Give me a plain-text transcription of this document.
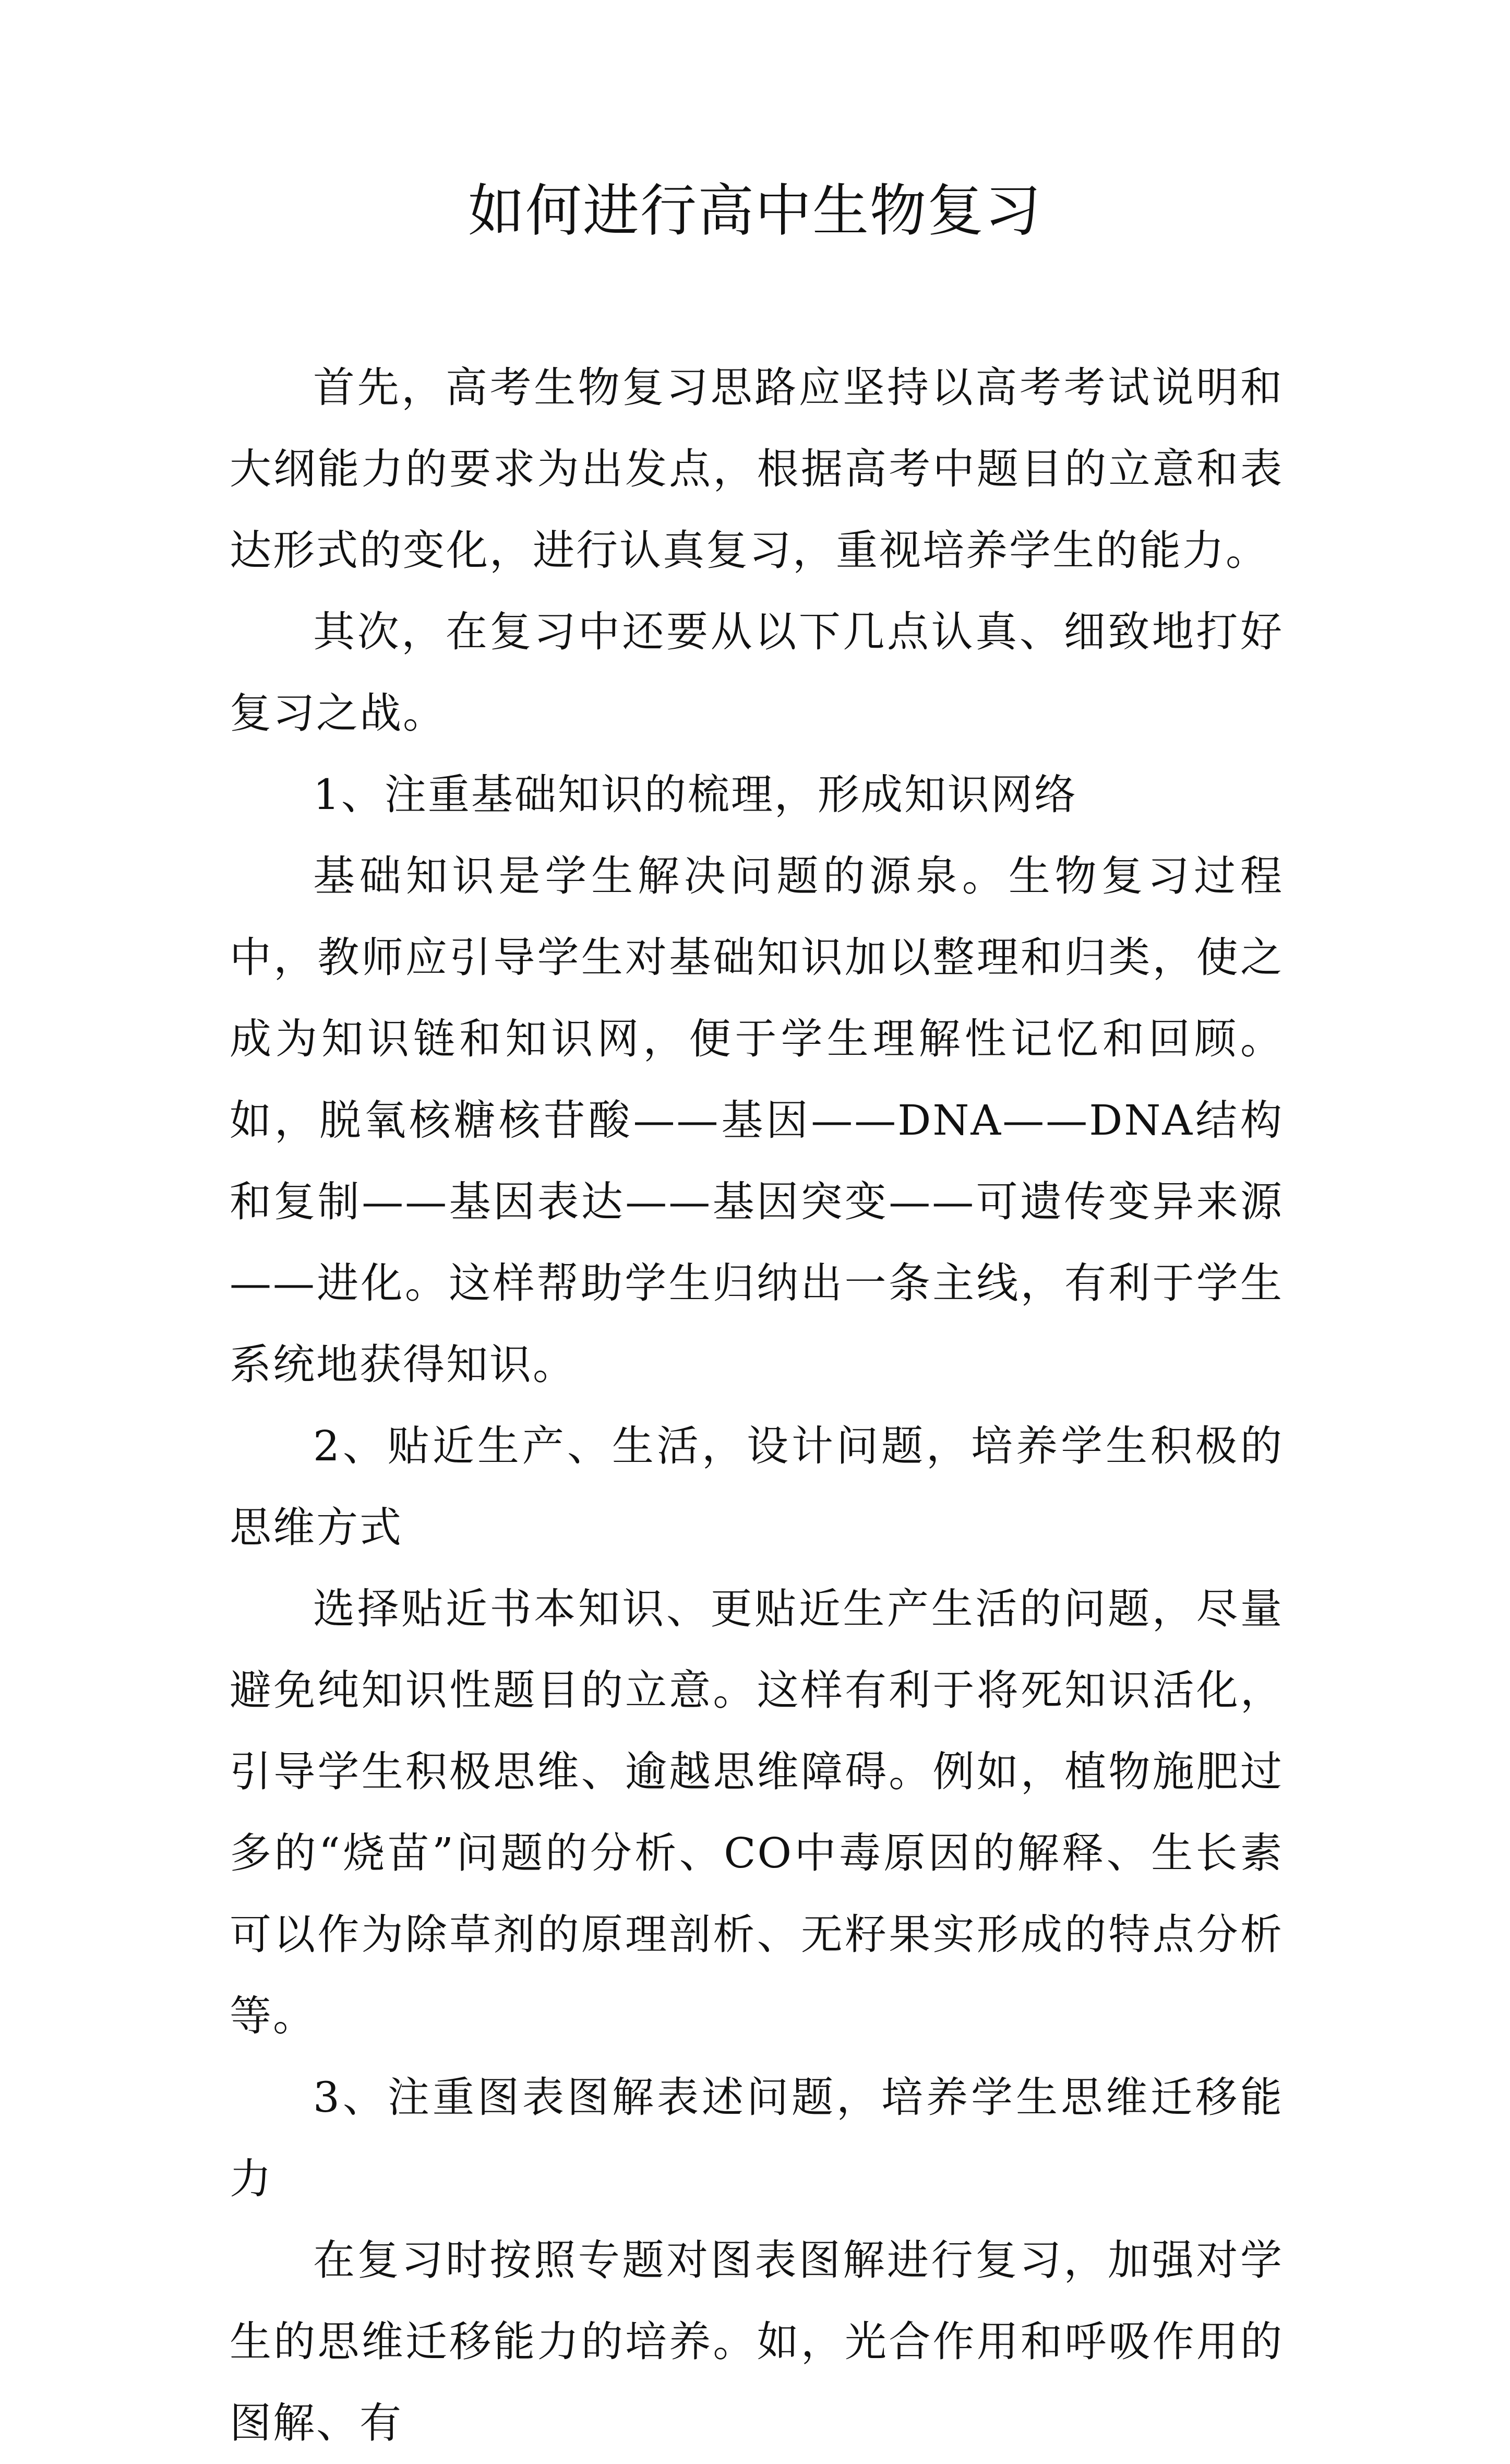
如何进行高中生物复习

首先，高考生物复习思路应坚持以高考考试说明和大纲能力的要求为出发点，根据高考中题目的立意和表达形式的变化，进行认真复习，重视培养学生的能力。

其次，在复习中还要从以下几点认真、细致地打好复习之战。

1、注重基础知识的梳理，形成知识网络

基础知识是学生解决问题的源泉。生物复习过程中，教师应引导学生对基础知识加以整理和归类，使之成为知识链和知识网，便于学生理解性记忆和回顾。如，脱氧核糖核苷酸——基因——DNA——DNA结构和复制——基因表达——基因突变——可遗传变异来源——进化。这样帮助学生归纳出一条主线，有利于学生系统地获得知识。

2、贴近生产、生活，设计问题，培养学生积极的思维方式

选择贴近书本知识、更贴近生产生活的问题，尽量避免纯知识性题目的立意。这样有利于将死知识活化，引导学生积极思维、逾越思维障碍。例如，植物施肥过多的“烧苗”问题的分析、CO中毒原因的解释、生长素可以作为除草剂的原理剖析、无籽果实形成的特点分析等。

3、注重图表图解表述问题，培养学生思维迁移能力

在复习时按照专题对图表图解进行复习，加强对学生的思维迁移能力的培养。如，光合作用和呼吸作用的图解、有
